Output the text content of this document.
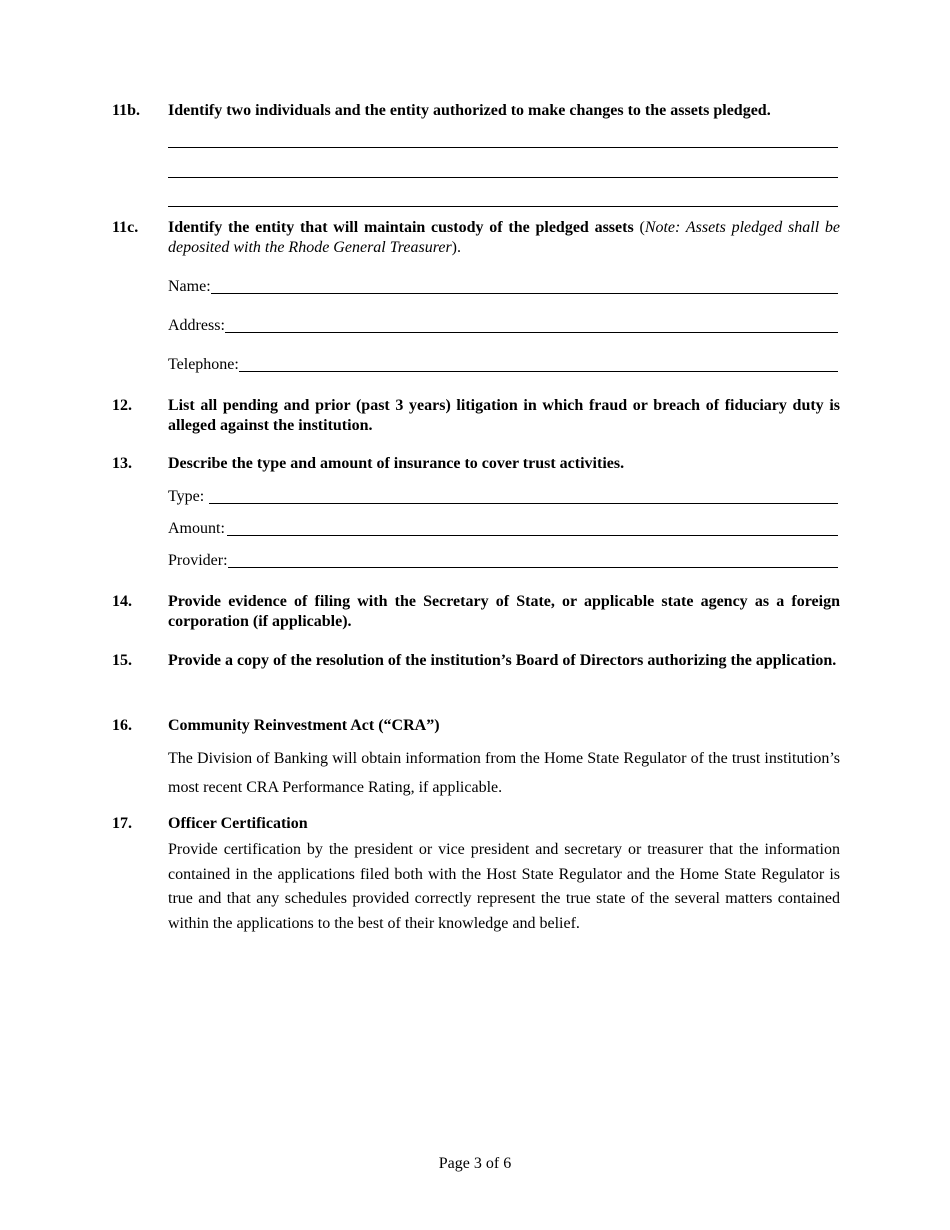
11b. Identify two individuals and the entity authorized to make changes to the assets pledged.
11c. Identify the entity that will maintain custody of the pledged assets (Note: Assets pledged shall be deposited with the Rhode General Treasurer).
Name:
Address:
Telephone:
12. List all pending and prior (past 3 years) litigation in which fraud or breach of fiduciary duty is alleged against the institution.
13. Describe the type and amount of insurance to cover trust activities.
Type:
Amount:
Provider:
14. Provide evidence of filing with the Secretary of State, or applicable state agency as a foreign corporation (if applicable).
15. Provide a copy of the resolution of the institution’s Board of Directors authorizing the application.
16. Community Reinvestment Act (“CRA”)
The Division of Banking will obtain information from the Home State Regulator of the trust institution’s most recent CRA Performance Rating, if applicable.
17. Officer Certification
Provide certification by the president or vice president and secretary or treasurer that the information contained in the applications filed both with the Host State Regulator and the Home State Regulator is true and that any schedules provided correctly represent the true state of the several matters contained within the applications to the best of their knowledge and belief.
Page 3 of 6
